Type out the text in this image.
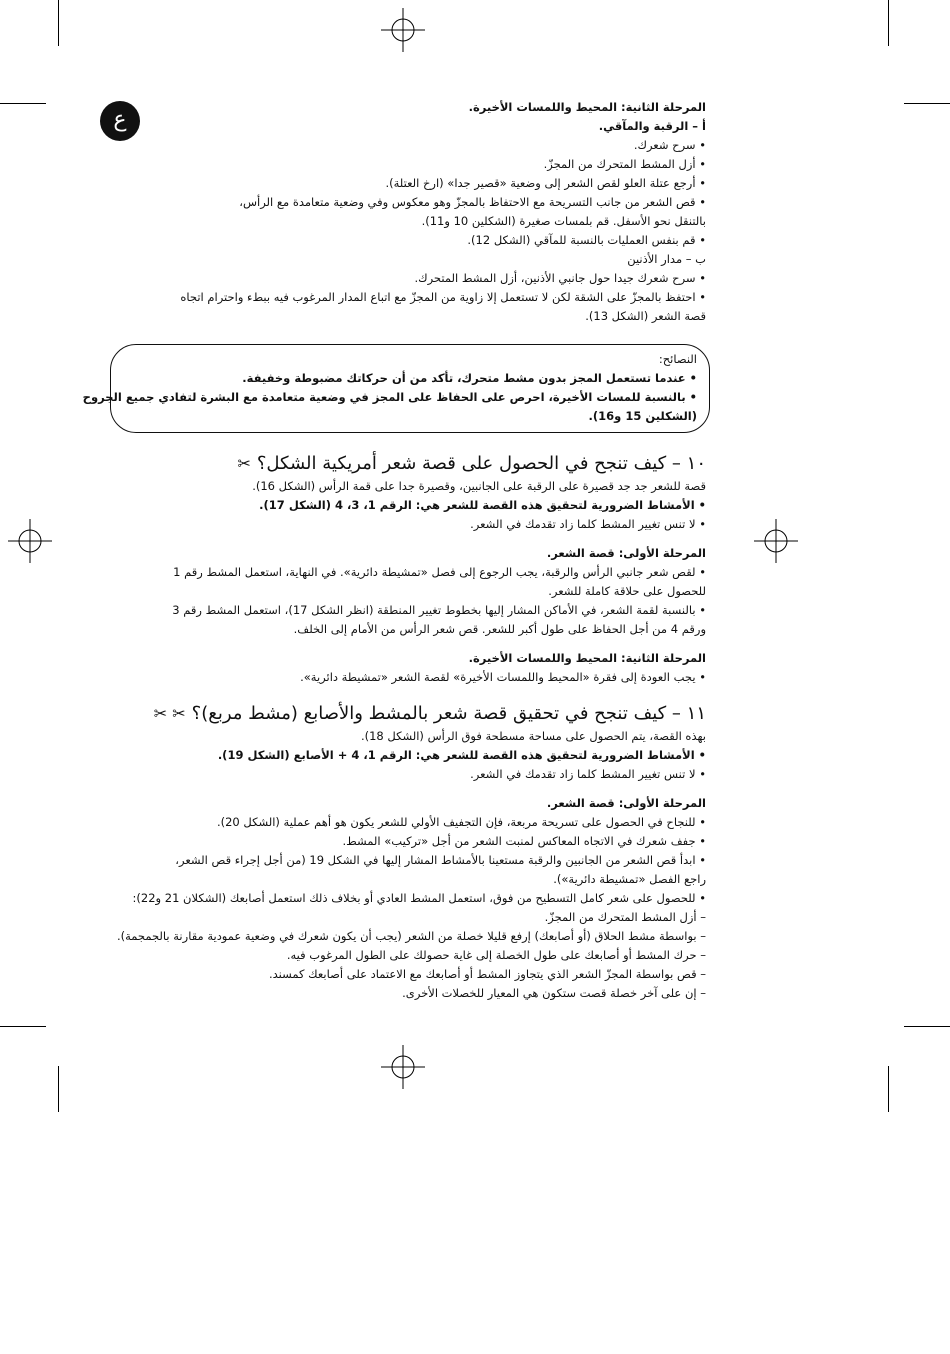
ع	المرحلة الثانية: المحيط واللمسات الأخيرة.
أ – الرقبة والمآقي.
• سرح شعرك.
• أزل المشط المتحرك من المجزّ.
• أرجع عتلة العلو لقص الشعر إلى وضعية «قصير جدا» (ارخ العتلة).
• قص الشعر من جانب التسريحة مع الاحتفاظ بالمجزّ وهو معكوس وفي وضعية متعامدة مع الرأس،
بالتنقل نحو الأسفل. قم بلمسات صغيرة (الشكلين 10 و11).
• قم بنفس العمليات بالنسبة للمآقي (الشكل 12).
ب – مدار الأذنين
• سرح شعرك جيدا حول جانبي الأذنين، أزل المشط المتحرك.
• احتفظ بالمجزّ على الشقة لكن لا تستعمل إلا زاوية من المجزّ مع اتباع المدار المرغوب فيه ببطء واحترام اتجاه
قصة الشعر (الشكل 13).
النصائح:
• عندما تستعمل المجز بدون مشط متحرك، تأكد من أن حركاتك مضبوطة وخفيفة.
• بالنسبة للمسات الأخيرة، احرص على الحفاظ على المجز في وضعية متعامدة مع البشرة لتفادي جميع الجروح
(الشكلين 15 و16).
١٠ – كيف تنجح في الحصول على قصة شعر أمريكية الشكل؟✂
قصة للشعر جد جد قصيرة على الرقبة على الجانبين، وقصيرة جدا على قمة الرأس (الشكل 16).
• الأمشاط الضرورية لتحقيق هذه القصة للشعر هي: الرقم 1، 3، 4 (الشكل 17).
• لا تنس تغيير المشط كلما زاد تقدمك في الشعر.
المرحلة الأولى: قصة الشعر.
• لقص شعر جانبي الرأس والرقبة، يجب الرجوع إلى فصل «تمشيطة دائرية». في النهاية، استعمل المشط رقم 1
للحصول على حلاقة كاملة للشعر.
• بالنسبة لقمة الشعر، في الأماكن المشار إليها بخطوط تغيير المنطقة (انظر الشكل 17)، استعمل المشط رقم 3
ورقم 4 من أجل الحفاظ على طول أكبر للشعر. قص شعر الرأس من الأمام إلى الخلف.
المرحلة الثانية: المحيط واللمسات الأخيرة.
• يجب العودة إلى فقرة «المحيط واللمسات الأخيرة» لقصة الشعر «تمشيطة دائرية».
١١ – كيف تنجح في تحقيق قصة شعر بالمشط والأصابع (مشط مربع)؟✂ ✂
بهذه القصة، يتم الحصول على مساحة مسطحة فوق الرأس (الشكل 18).
• الأمشاط الضرورية لتحقيق هذه القصة للشعر هي: الرقم 1، 4 + الأصابع (الشكل 19).
• لا تنس تغيير المشط كلما زاد تقدمك في الشعر.
المرحلة الأولى: قصة الشعر.
• للنجاح في الحصول على تسريحة مربعة، فإن التجفيف الأولي للشعر يكون هو أهم عملية (الشكل 20).
• جفف شعرك في الاتجاه المعاكس لمنبت الشعر من أجل «تركيب» المشط.
• ابدأ قص الشعر من الجانبين والرقبة مستعينا بالأمشاط المشار إليها في الشكل 19 (من أجل إجراء قص الشعر،
راجع الفصل «تمشيطة دائرية»).
• للحصول على شعر كامل التسطيح من فوق، استعمل المشط العادي أو بخلاف ذلك استعمل أصابعك (الشكلان 21 و22):
– أزل المشط المتحرك من المجزّ.
– بواسطة مشط الحلاق (أو أصابعك) إرفع قليلا خصلة من الشعر (يجب أن يكون شعرك في وضعية عمودية مقارنة بالجمجمة).
– حرك المشط أو أصابعك على طول الخصلة إلى غاية حصولك على الطول المرغوب فيه.
– قص بواسطة المجزّ الشعر الذي يتجاوز المشط أو أصابعك مع الاعتماد على أصابعك كمسند.
– إن على آخر خصلة قصت ستكون هي المعيار للخصلات الأخرى.
